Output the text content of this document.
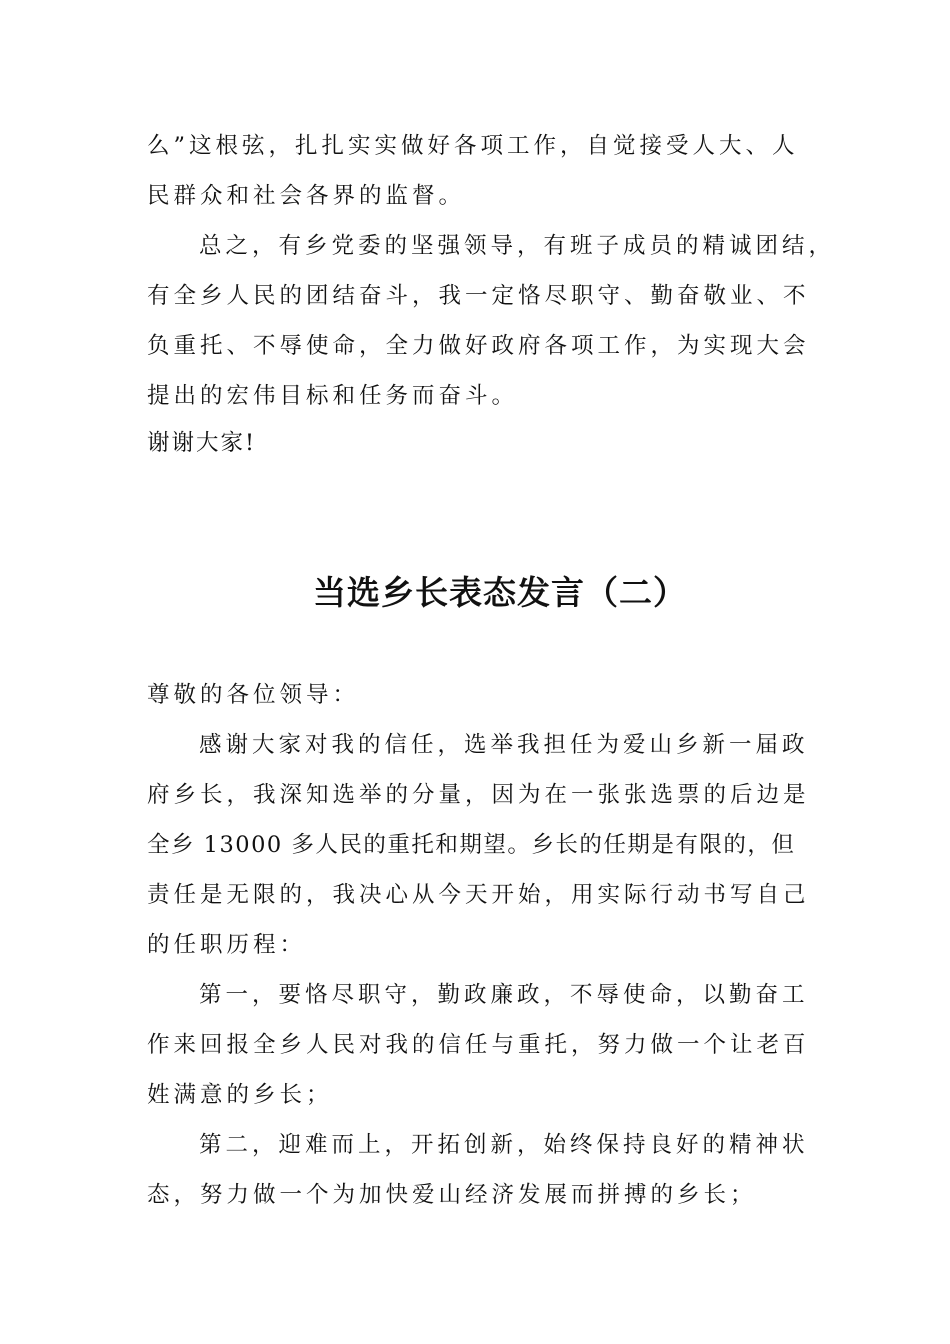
么”这根弦，扎扎实实做好各项工作，自觉接受人大、人
民群众和社会各界的监督。
总之，有乡党委的坚强领导，有班子成员的精诚团结，
有全乡人民的团结奋斗，我一定恪尽职守、勤奋敬业、不
负重托、不辱使命，全力做好政府各项工作，为实现大会
提出的宏伟目标和任务而奋斗。
谢谢大家!
当选乡长表态发言（二）
尊敬的各位领导：
感谢大家对我的信任，选举我担任为爱山乡新一届政
府乡长，我深知选举的分量，因为在一张张选票的后边是
全乡 13000 多人民的重托和期望。乡长的任期是有限的，但
责任是无限的，我决心从今天开始，用实际行动书写自己
的任职历程：
第一，要恪尽职守，勤政廉政，不辱使命，以勤奋工
作来回报全乡人民对我的信任与重托，努力做一个让老百
姓满意的乡长；
第二，迎难而上，开拓创新，始终保持良好的精神状
态，努力做一个为加快爱山经济发展而拼搏的乡长；
